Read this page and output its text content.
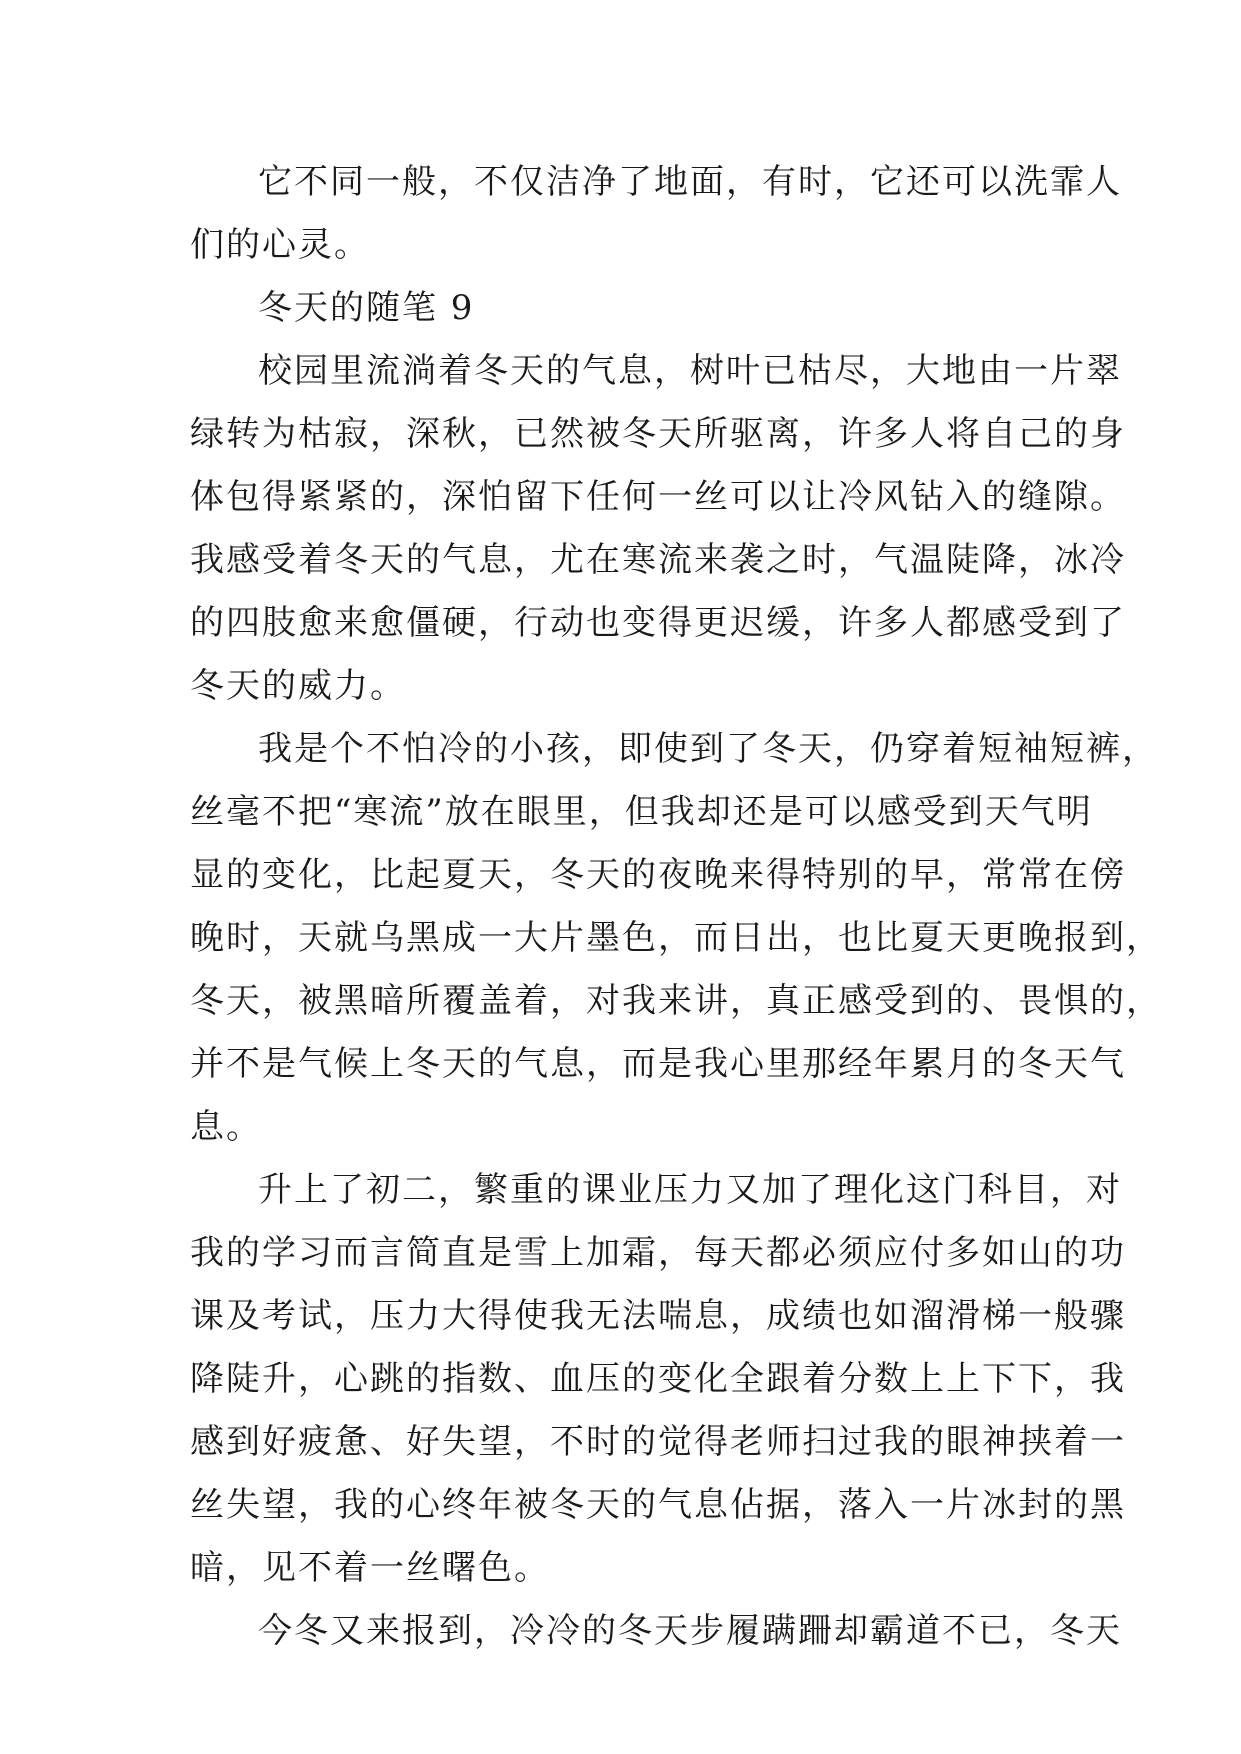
它不同一般，不仅洁净了地面，有时，它还可以洗霏人
们的心灵。
冬天的随笔 9
校园里流淌着冬天的气息，树叶已枯尽，大地由一片翠
绿转为枯寂，深秋，已然被冬天所驱离，许多人将自己的身
体包得紧紧的，深怕留下任何一丝可以让冷风钻入的缝隙。
我感受着冬天的气息，尤在寒流来袭之时，气温陡降，冰冷
的四肢愈来愈僵硬，行动也变得更迟缓，许多人都感受到了
冬天的威力。
我是个不怕冷的小孩，即使到了冬天，仍穿着短袖短裤，
丝毫不把“寒流”放在眼里，但我却还是可以感受到天气明
显的变化，比起夏天，冬天的夜晚来得特别的早，常常在傍
晚时，天就乌黑成一大片墨色，而日出，也比夏天更晚报到，
冬天，被黑暗所覆盖着，对我来讲，真正感受到的、畏惧的，
并不是气候上冬天的气息，而是我心里那经年累月的冬天气
息。
升上了初二，繁重的课业压力又加了理化这门科目，对
我的学习而言简直是雪上加霜，每天都必须应付多如山的功
课及考试，压力大得使我无法喘息，成绩也如溜滑梯一般骤
降陡升，心跳的指数、血压的变化全跟着分数上上下下，我
感到好疲惫、好失望，不时的觉得老师扫过我的眼神挟着一
丝失望，我的心终年被冬天的气息佔据，落入一片冰封的黑
暗，见不着一丝曙色。
今冬又来报到，冷冷的冬天步履蹒跚却霸道不已，冬天
